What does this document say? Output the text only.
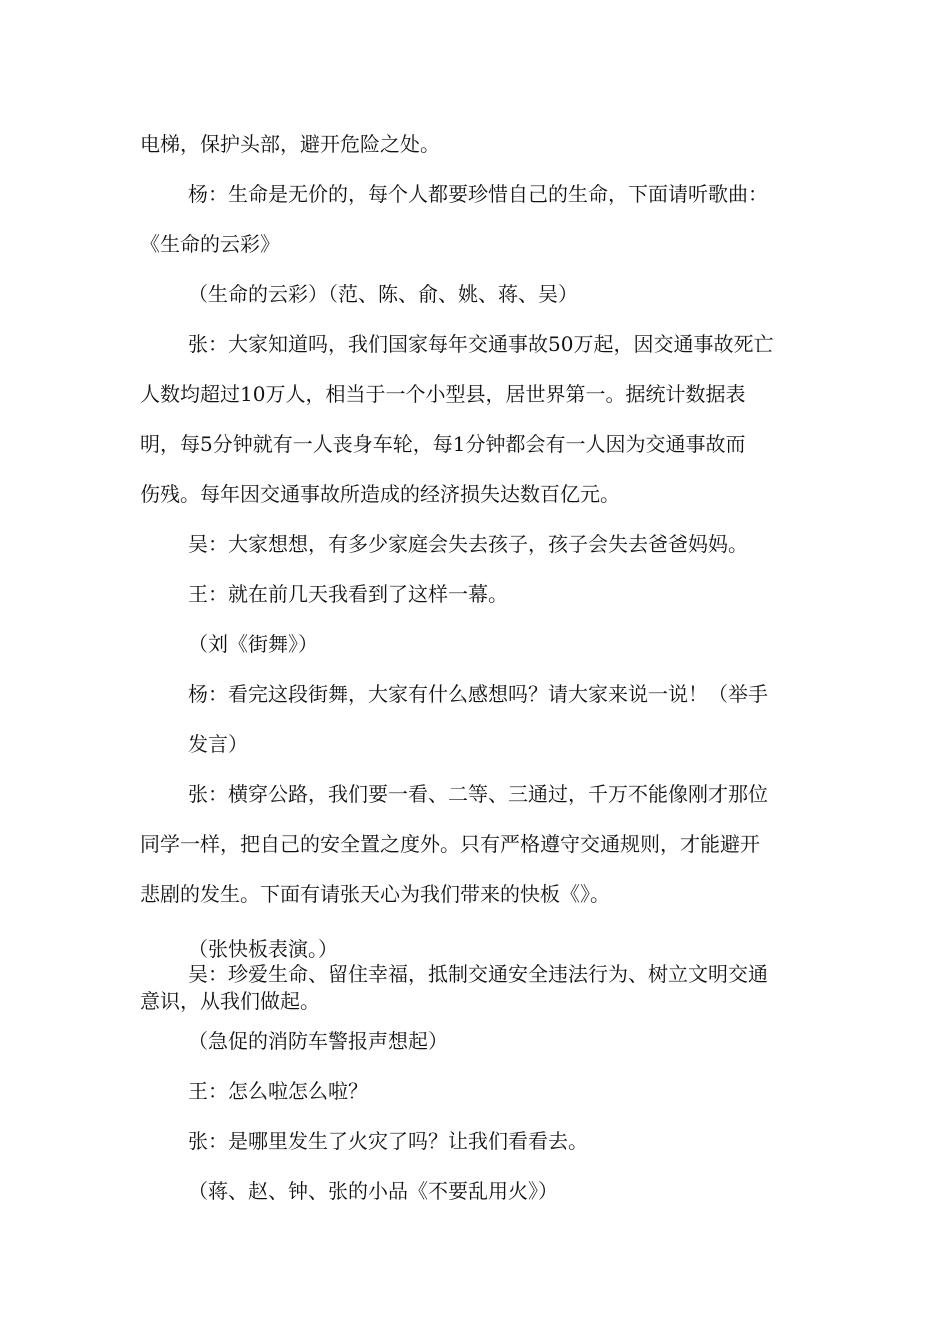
电梯，保护头部，避开危险之处。
杨：生命是无价的，每个人都要珍惜自己的生命，下面请听歌曲：
《生命的云彩》
（生命的云彩）（范、陈、俞、姚、蒋、吴）
张：大家知道吗，我们国家每年交通事故50万起，因交通事故死亡
人数均超过10万人，相当于一个小型县，居世界第一。据统计数据表
明，每5分钟就有一人丧身车轮，每1分钟都会有一人因为交通事故而
伤残。每年因交通事故所造成的经济损失达数百亿元。
吴：大家想想，有多少家庭会失去孩子，孩子会失去爸爸妈妈。
王：就在前几天我看到了这样一幕。
（刘《街舞》）
杨：看完这段街舞，大家有什么感想吗？请大家来说一说！（举手
发言）
张：横穿公路，我们要一看、二等、三通过，千万不能像刚才那位
同学一样，把自己的安全置之度外。只有严格遵守交通规则，才能避开
悲剧的发生。下面有请张天心为我们带来的快板《》。
（张快板表演。）
吴：珍爱生命、留住幸福，抵制交通安全违法行为、树立文明交通
意识，从我们做起。
（急促的消防车警报声想起）
王：怎么啦怎么啦？
张：是哪里发生了火灾了吗？让我们看看去。
（蒋、赵、钟、张的小品《不要乱用火》）
